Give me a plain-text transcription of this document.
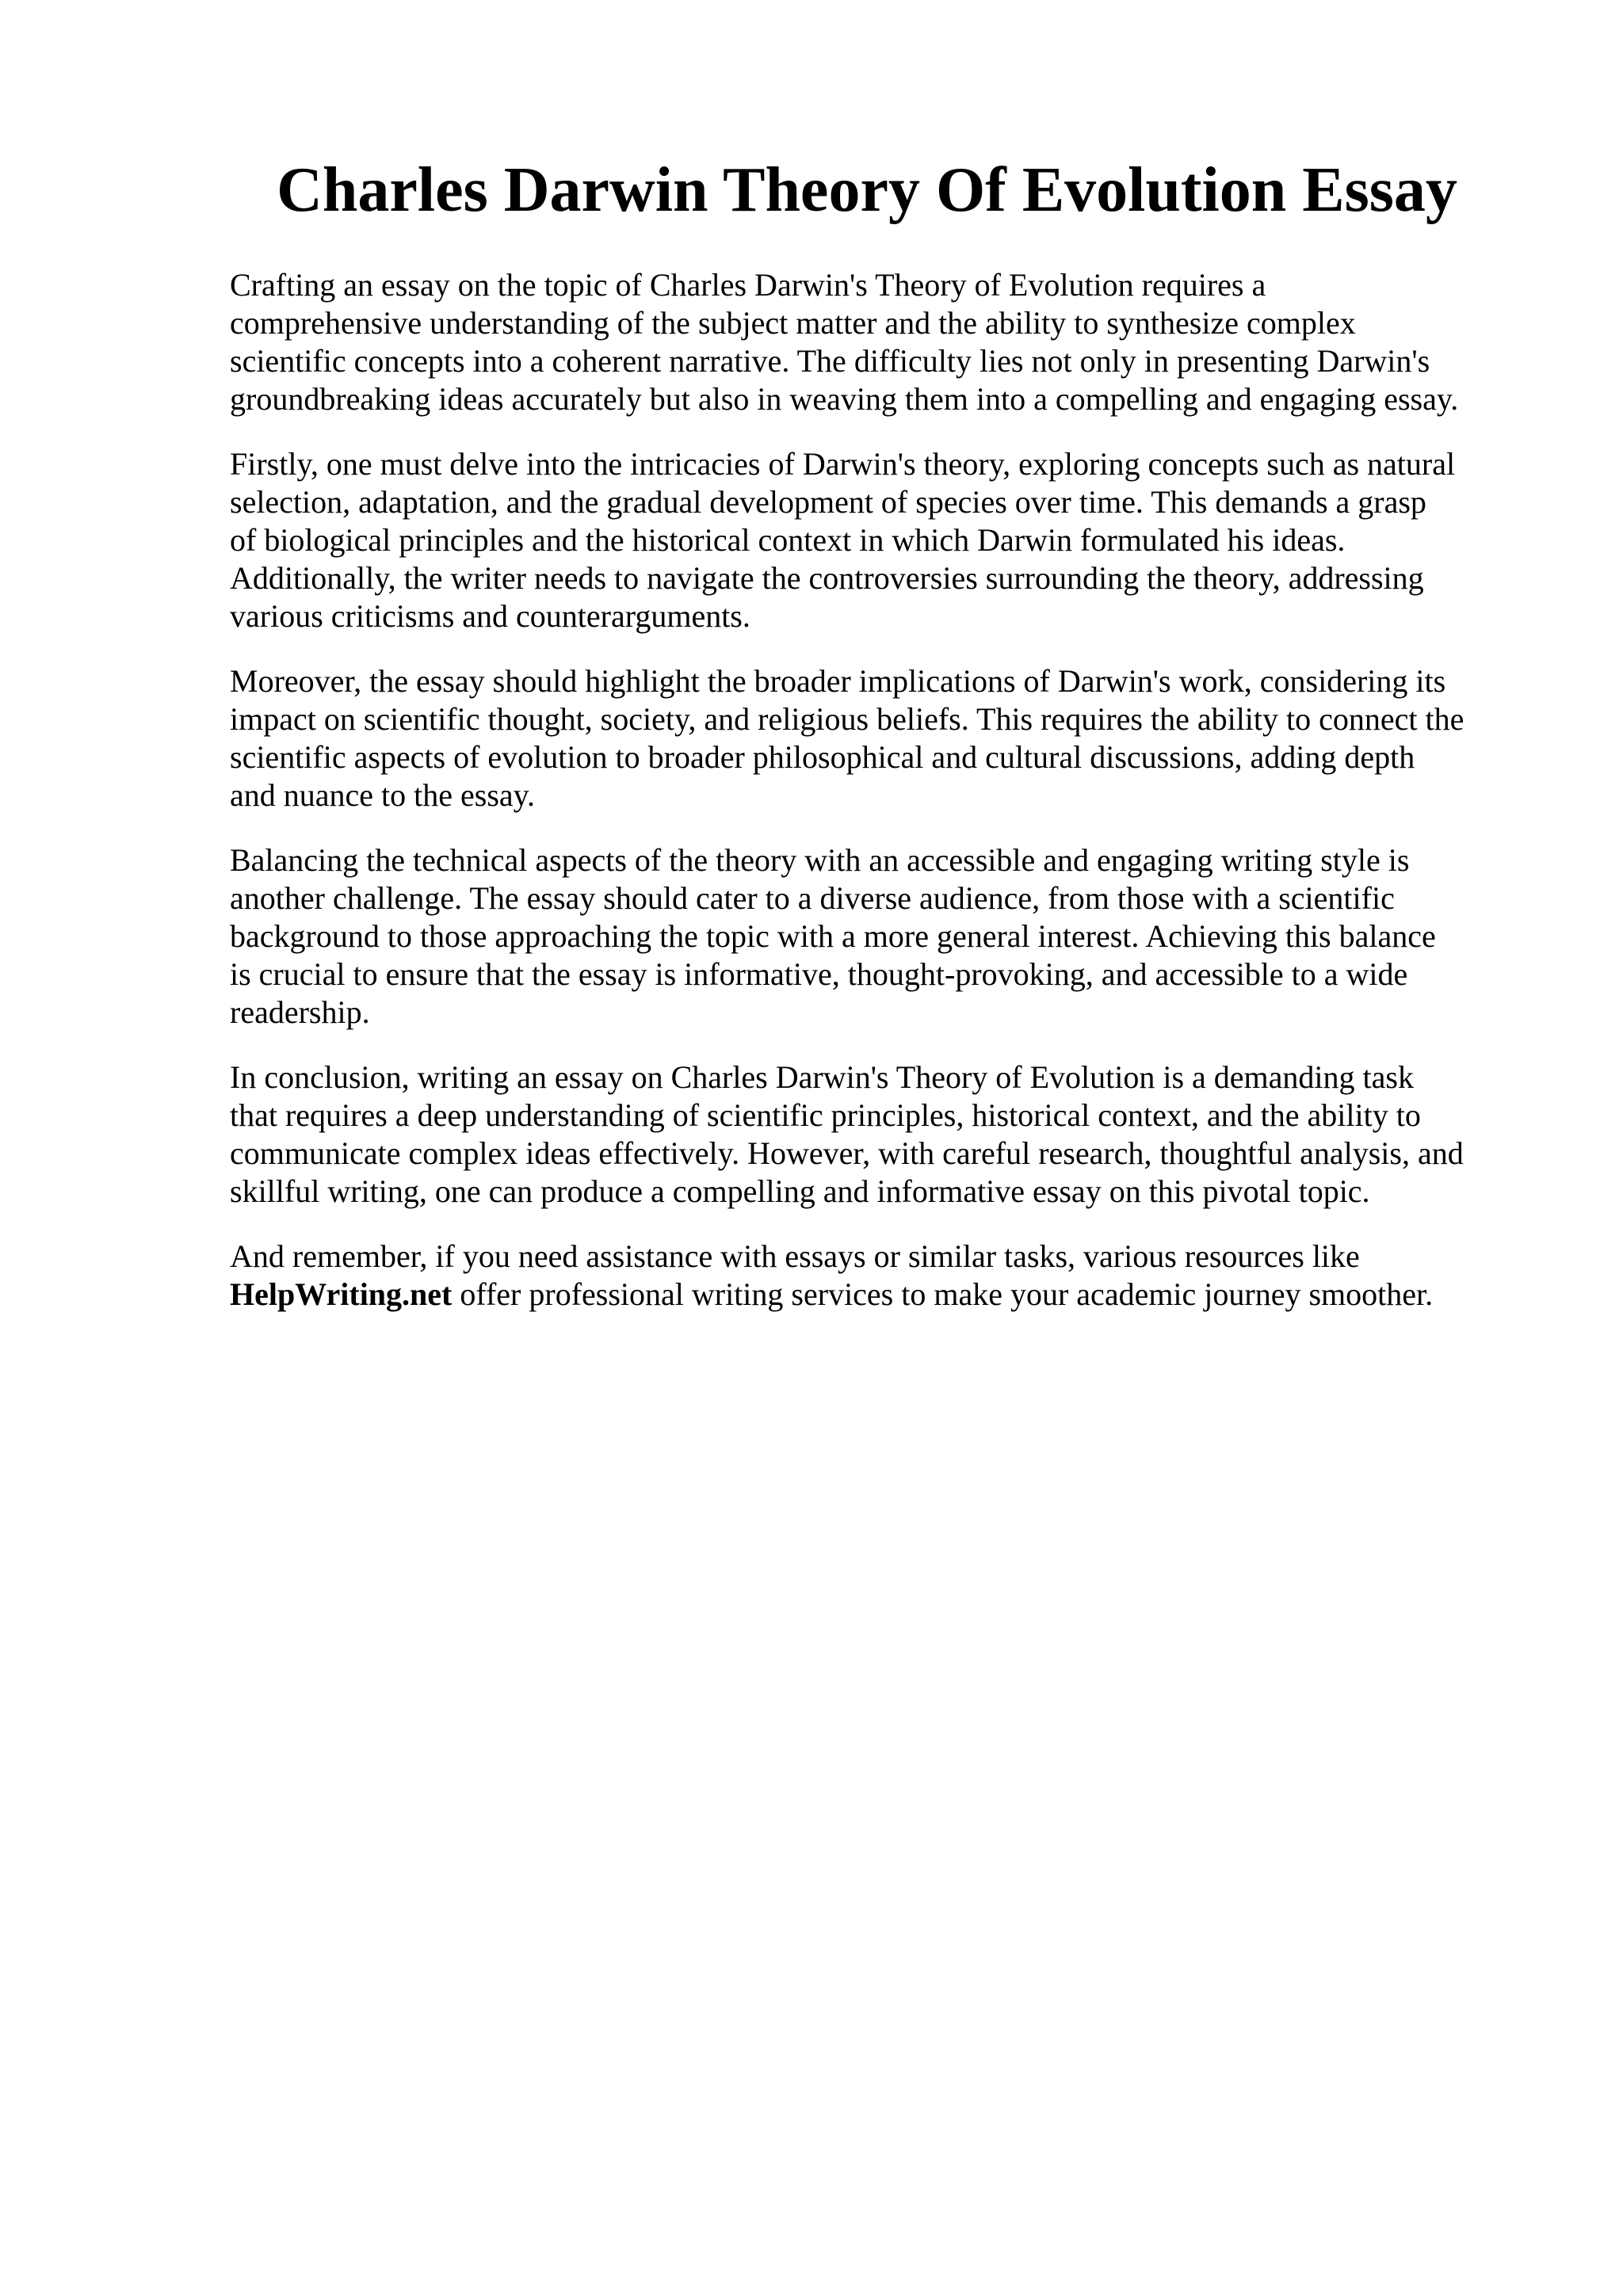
Charles Darwin Theory Of Evolution Essay

Crafting an essay on the topic of Charles Darwin's Theory of Evolution requires a
comprehensive understanding of the subject matter and the ability to synthesize complex
scientific concepts into a coherent narrative. The difficulty lies not only in presenting Darwin's
groundbreaking ideas accurately but also in weaving them into a compelling and engaging essay.

Firstly, one must delve into the intricacies of Darwin's theory, exploring concepts such as natural
selection, adaptation, and the gradual development of species over time. This demands a grasp
of biological principles and the historical context in which Darwin formulated his ideas.
Additionally, the writer needs to navigate the controversies surrounding the theory, addressing
various criticisms and counterarguments.

Moreover, the essay should highlight the broader implications of Darwin's work, considering its
impact on scientific thought, society, and religious beliefs. This requires the ability to connect the
scientific aspects of evolution to broader philosophical and cultural discussions, adding depth
and nuance to the essay.

Balancing the technical aspects of the theory with an accessible and engaging writing style is
another challenge. The essay should cater to a diverse audience, from those with a scientific
background to those approaching the topic with a more general interest. Achieving this balance
is crucial to ensure that the essay is informative, thought-provoking, and accessible to a wide
readership.

In conclusion, writing an essay on Charles Darwin's Theory of Evolution is a demanding task
that requires a deep understanding of scientific principles, historical context, and the ability to
communicate complex ideas effectively. However, with careful research, thoughtful analysis, and
skillful writing, one can produce a compelling and informative essay on this pivotal topic.

And remember, if you need assistance with essays or similar tasks, various resources like
HelpWriting.net offer professional writing services to make your academic journey smoother.
